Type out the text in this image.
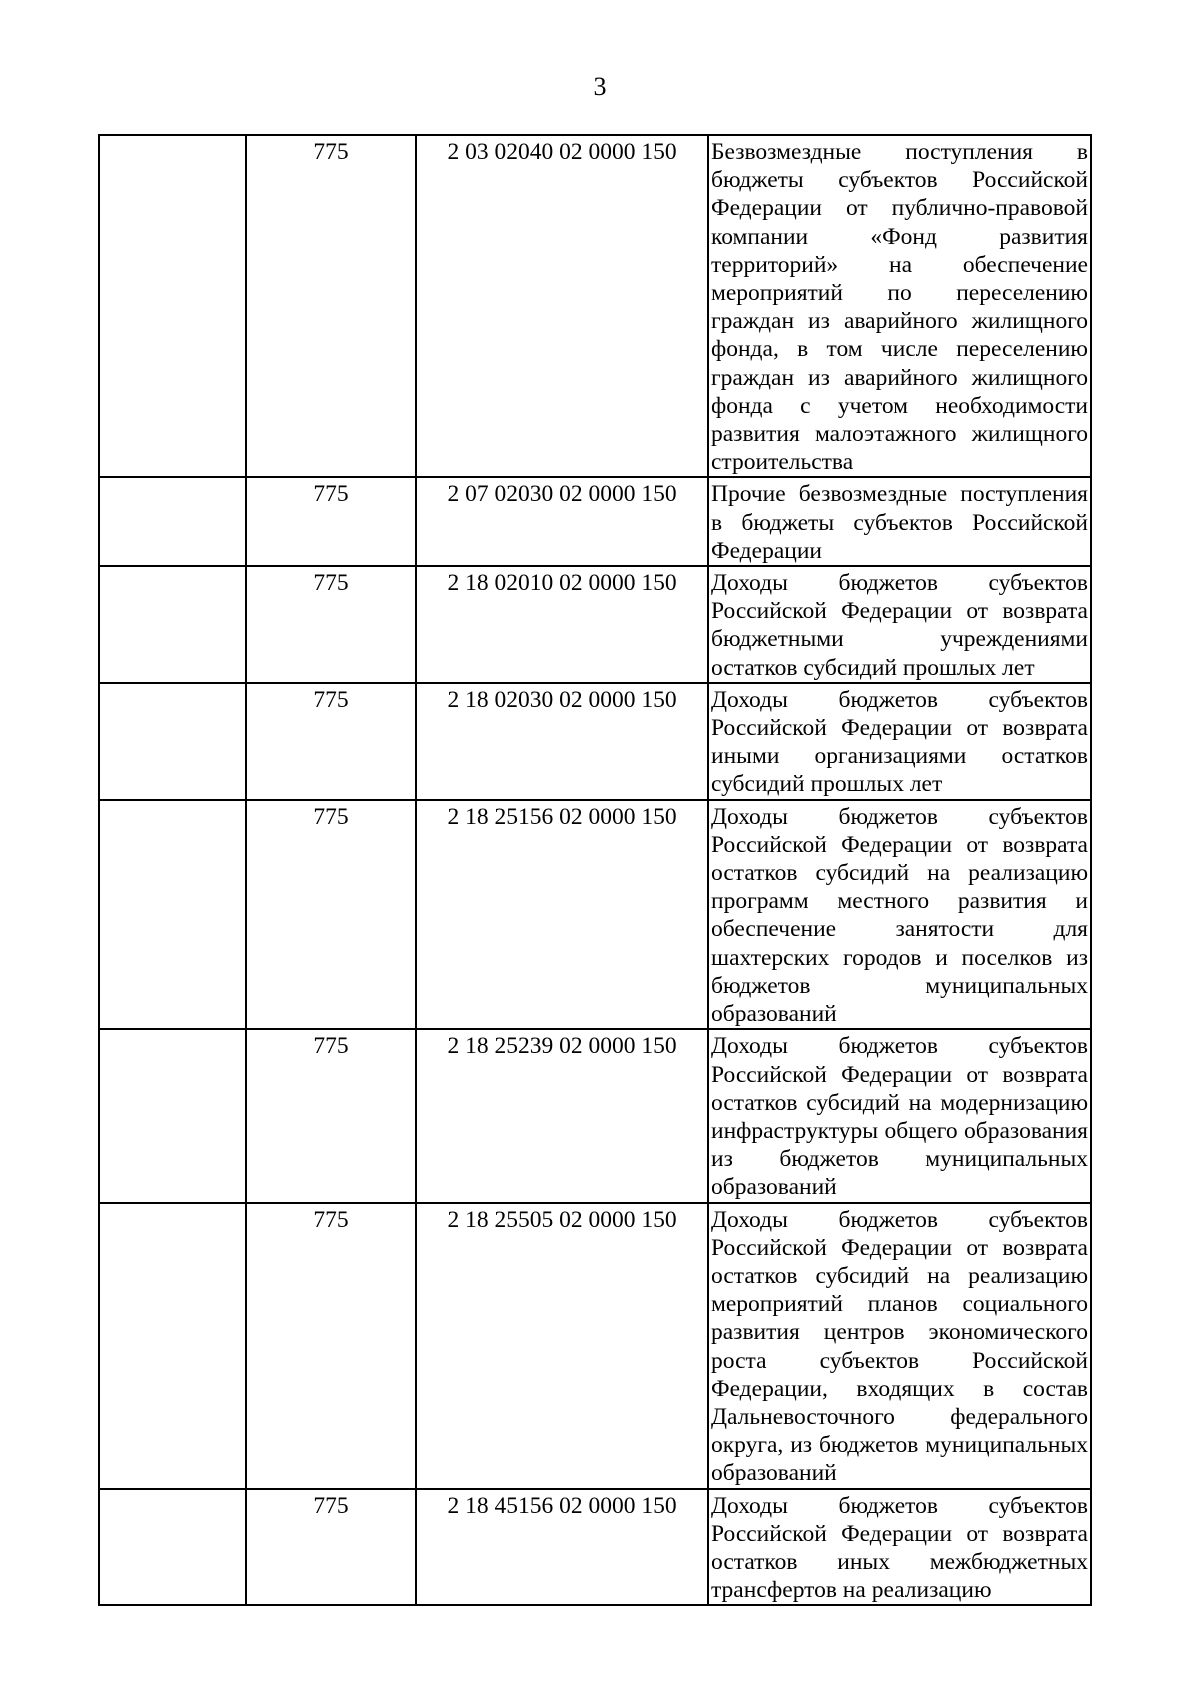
3

	775	2 03 02040 02 0000 150	Безвозмездные поступления в бюджеты субъектов Российской Федерации от публично-правовой компании «Фонд развития территорий» на обеспечение мероприятий по переселению граждан из аварийного жилищного фонда, в том числе переселению граждан из аварийного жилищного фонда с учетом необходимости развития малоэтажного жилищного строительства

	775	2 07 02030 02 0000 150	Прочие безвозмездные поступления в бюджеты субъектов Российской Федерации

	775	2 18 02010 02 0000 150	Доходы бюджетов субъектов Российской Федерации от возврата бюджетными учреждениями остатков субсидий прошлых лет

	775	2 18 02030 02 0000 150	Доходы бюджетов субъектов Российской Федерации от возврата иными организациями остатков субсидий прошлых лет

	775	2 18 25156 02 0000 150	Доходы бюджетов субъектов Российской Федерации от возврата остатков субсидий на реализацию программ местного развития и обеспечение занятости для шахтерских городов и поселков из бюджетов муниципальных образований

	775	2 18 25239 02 0000 150	Доходы бюджетов субъектов Российской Федерации от возврата остатков субсидий на модернизацию инфраструктуры общего образования из бюджетов муниципальных образований

	775	2 18 25505 02 0000 150	Доходы бюджетов субъектов Российской Федерации от возврата остатков субсидий на реализацию мероприятий планов социального развития центров экономического роста субъектов Российской Федерации, входящих в состав Дальневосточного федерального округа, из бюджетов муниципальных образований

	775	2 18 45156 02 0000 150	Доходы бюджетов субъектов Российской Федерации от возврата остатков иных межбюджетных трансфертов на реализацию
